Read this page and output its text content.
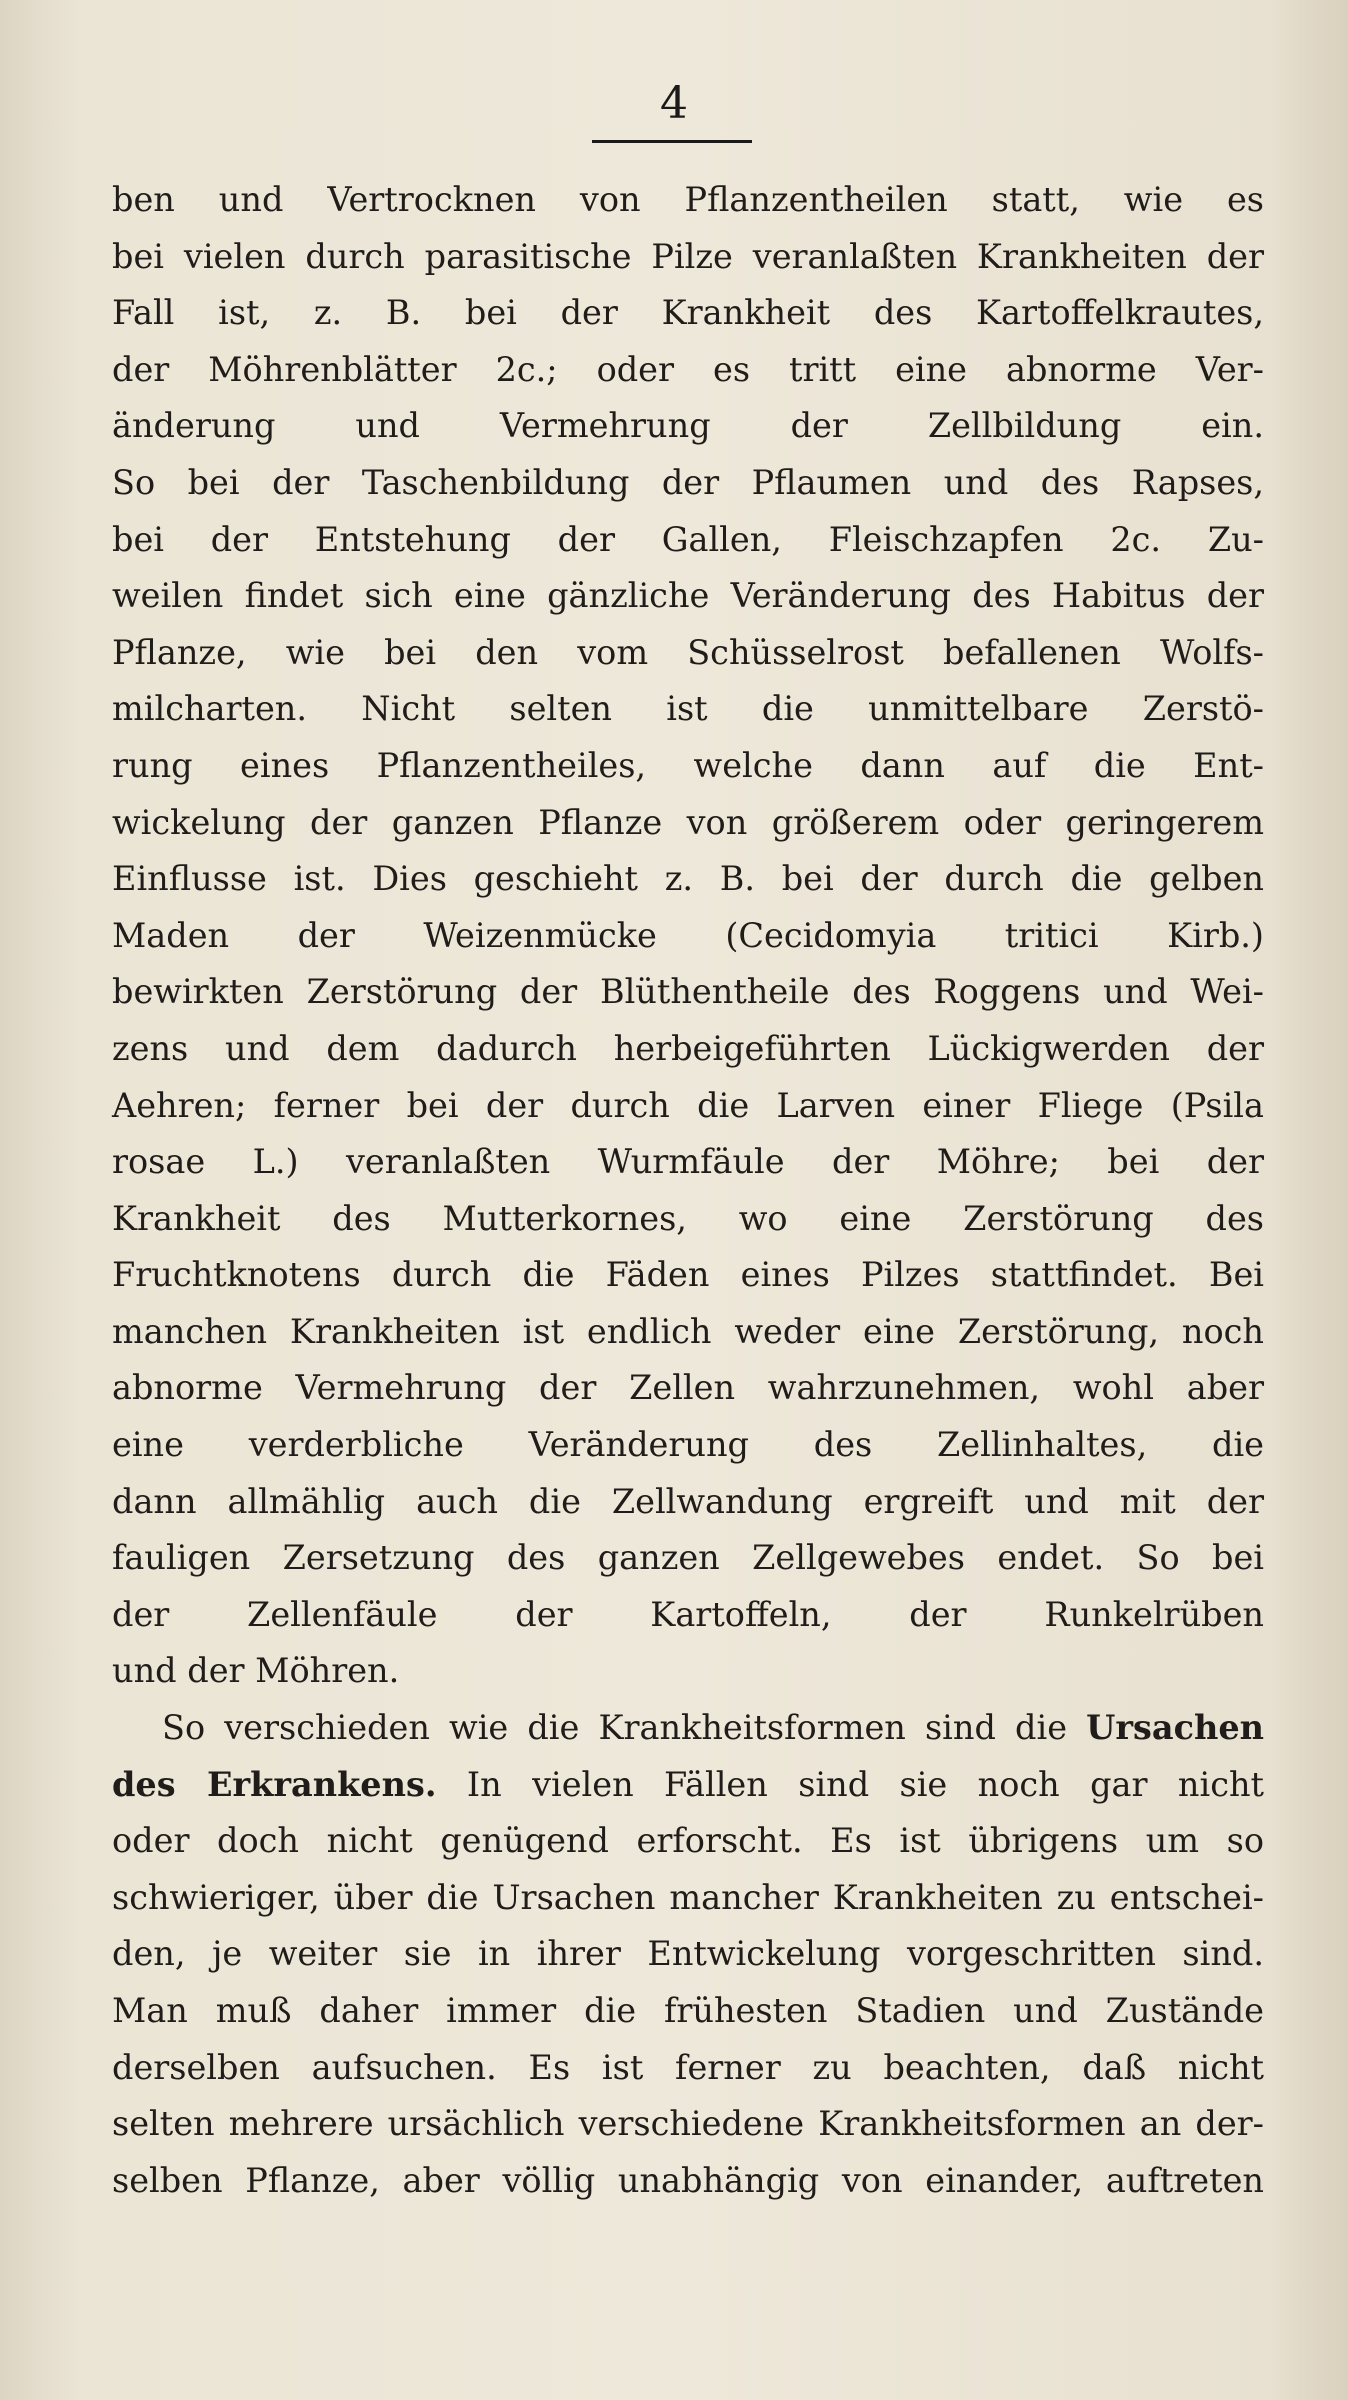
4
ben und Vertrocknen von Pflanzentheilen statt, wie es
bei vielen durch parasitische Pilze veranlaßten Krankheiten der
Fall ist, z. B. bei der Krankheit des Kartoffelkrautes,
der Möhrenblätter 2c.; oder es tritt eine abnorme Ver-
änderung und Vermehrung der Zellbildung ein.
So bei der Taschenbildung der Pflaumen und des Rapses,
bei der Entstehung der Gallen, Fleischzapfen 2c. Zu-
weilen findet sich eine gänzliche Veränderung des Habitus der
Pflanze, wie bei den vom Schüsselrost befallenen Wolfs-
milcharten. Nicht selten ist die unmittelbare Zerstö-
rung eines Pflanzentheiles, welche dann auf die Ent-
wickelung der ganzen Pflanze von größerem oder geringerem
Einflusse ist. Dies geschieht z. B. bei der durch die gelben
Maden der Weizenmücke (Cecidomyia tritici Kirb.)
bewirkten Zerstörung der Blüthentheile des Roggens und Wei-
zens und dem dadurch herbeigeführten Lückigwerden der
Aehren; ferner bei der durch die Larven einer Fliege (Psila
rosae L.) veranlaßten Wurmfäule der Möhre; bei der
Krankheit des Mutterkornes, wo eine Zerstörung des
Fruchtknotens durch die Fäden eines Pilzes stattfindet. Bei
manchen Krankheiten ist endlich weder eine Zerstörung, noch
abnorme Vermehrung der Zellen wahrzunehmen, wohl aber
eine verderbliche Veränderung des Zellinhaltes, die
dann allmählig auch die Zellwandung ergreift und mit der
fauligen Zersetzung des ganzen Zellgewebes endet. So bei
der Zellenfäule der Kartoffeln, der Runkelrüben
und der Möhren.
So verschieden wie die Krankheitsformen sind die Ursachen
des Erkrankens. In vielen Fällen sind sie noch gar nicht
oder doch nicht genügend erforscht. Es ist übrigens um so
schwieriger, über die Ursachen mancher Krankheiten zu entschei-
den, je weiter sie in ihrer Entwickelung vorgeschritten sind.
Man muß daher immer die frühesten Stadien und Zustände
derselben aufsuchen. Es ist ferner zu beachten, daß nicht
selten mehrere ursächlich verschiedene Krankheitsformen an der-
selben Pflanze, aber völlig unabhängig von einander, auftreten
